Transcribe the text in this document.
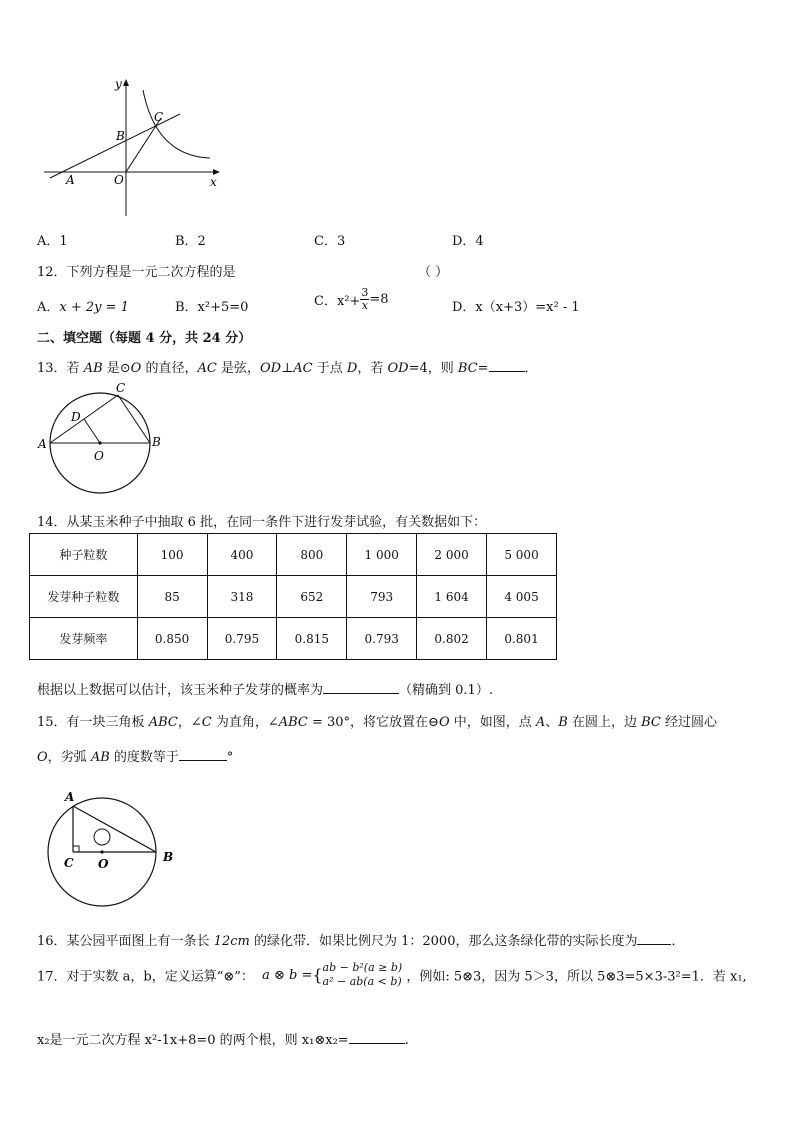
y
x
B
C
A	O
A．1	B．2	C．3	D．4
12．下列方程是一元二次方程的是	（ ）
A．x + 2y = 1	B．x²+5=0	C．$x^2+ \frac{3}{x} =8$
D．x（x+3）=x² - 1
二、填空题（每题 4 分，共 24 分）
13．若 AB 是⊙O 的直径，AC 是弦，OD⊥AC 于点 D，若 OD=4，则 BC=	．
C
D
A	B
O
14．从某玉米种子中抽取 6 批，在同一条件下进行发芽试验，有关数据如下：
种子粒数	100	400	800	1 000	2 000	5 000
发芽种子粒数	85	318	652	793	1 604	4 005
发芽频率	0.850	0.795	0.815	0.793	0.802	0.801
根据以上数据可以估计，该玉米种子发芽的概率为	（精确到 0.1）.
15．有一块三角板 ABC，∠C 为直角，∠ABC = 30°，将它放置在⊖O 中，如图，点 A、B 在圆上，边 BC 经过圆心
O，劣弧 AB 的度数等于	°
A
C O	B
16．某公园平面图上有一条长 12cm 的绿化带．如果比例尺为 1：2000，那么这条绿化带的实际长度为	．
17．对于实数 a，b，定义运算“⊗”： a ⊗ b ={ ab − b²(a ≥ b)
a² − ab(a < b) ，例如: 5⊗3，因为 5＞3，所以 5⊗3=5×3-3²=1．若 x₁,
x₂是一元二次方程 x²-1x+8=0 的两个根，则 x₁⊗x₂=	.
